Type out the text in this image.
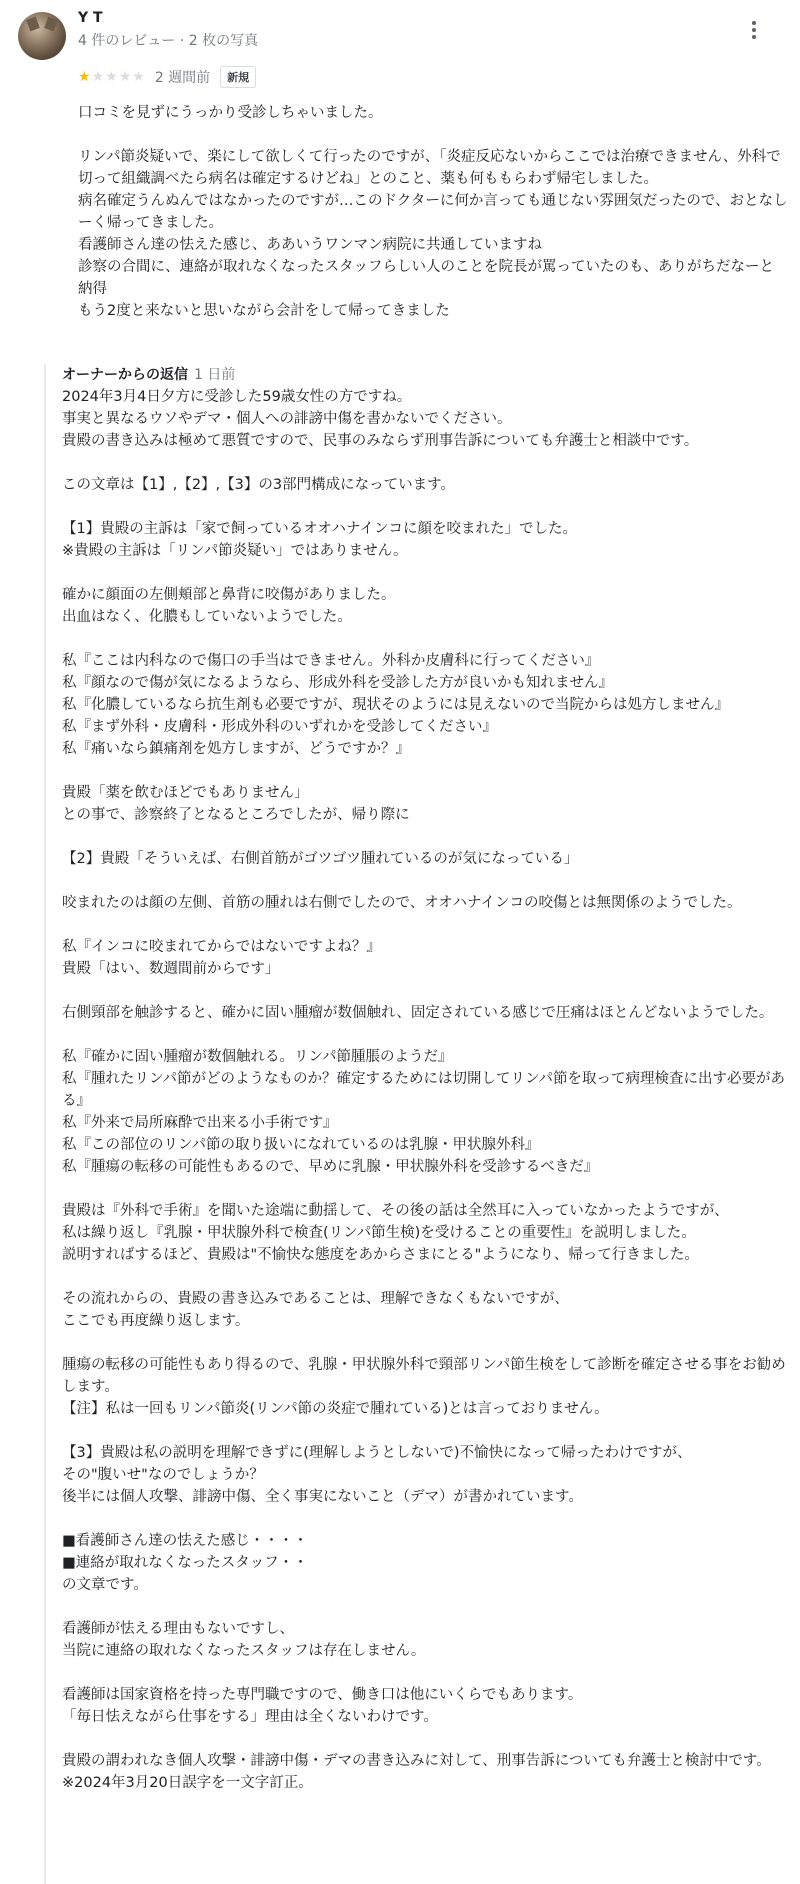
Y T
4 件のレビュー · 2 枚の写真
★ ★ ★ ★ ★ 2 週間前	新規
口コミを見ずにうっかり受診しちゃいました。

リンパ節炎疑いで、楽にして欲しくて行ったのですが、「炎症反応ないからここでは治療できません、外科で切って組織調べたら病名は確定するけどね」とのこと、薬も何ももらわず帰宅しました。
病名確定うんぬんではなかったのですが…このドクターに何か言っても通じない雰囲気だったので、おとなしーく帰ってきました。
看護師さん達の怯えた感じ、ああいうワンマン病院に共通していますね
診察の合間に、連絡が取れなくなったスタッフらしい人のことを院長が罵っていたのも、ありがちだなーと納得
もう2度と来ないと思いながら会計をして帰ってきました
オーナーからの返信 1 日前
2024年3月4日夕方に受診した59歳女性の方ですね。
事実と異なるウソやデマ・個人への誹謗中傷を書かないでください。
貴殿の書き込みは極めて悪質ですので、民事のみならず刑事告訴についても弁護士と相談中です。

この文章は【1】,【2】,【3】の3部門構成になっています。

【1】貴殿の主訴は「家で飼っているオオハナインコに顔を咬まれた」でした。
※貴殿の主訴は「リンパ節炎疑い」ではありません。

確かに顔面の左側頬部と鼻背に咬傷がありました。
出血はなく、化膿もしていないようでした。

私『ここは内科なので傷口の手当はできません。外科か皮膚科に行ってください』
私『顔なので傷が気になるようなら、形成外科を受診した方が良いかも知れません』
私『化膿しているなら抗生剤も必要ですが、現状そのようには見えないので当院からは処方しません』
私『まず外科・皮膚科・形成外科のいずれかを受診してください』
私『痛いなら鎮痛剤を処方しますが、どうですか？』

貴殿「薬を飲むほどでもありません」
との事で、診察終了となるところでしたが、帰り際に

【2】貴殿「そういえば、右側首筋がゴツゴツ腫れているのが気になっている」

咬まれたのは顔の左側、首筋の腫れは右側でしたので、オオハナインコの咬傷とは無関係のようでした。

私『インコに咬まれてからではないですよね？』
貴殿「はい、数週間前からです」

右側頸部を触診すると、確かに固い腫瘤が数個触れ、固定されている感じで圧痛はほとんどないようでした。

私『確かに固い腫瘤が数個触れる。リンパ節腫脹のようだ』
私『腫れたリンパ節がどのようなものか？確定するためには切開してリンパ節を取って病理検査に出す必要がある』
私『外来で局所麻酔で出来る小手術です』
私『この部位のリンパ節の取り扱いになれているのは乳腺・甲状腺外科』
私『腫瘍の転移の可能性もあるので、早めに乳腺・甲状腺外科を受診するべきだ』

貴殿は『外科で手術』を聞いた途端に動揺して、その後の話は全然耳に入っていなかったようですが、
私は繰り返し『乳腺・甲状腺外科で検査(リンパ節生検)を受けることの重要性』を説明しました。
説明すればするほど、貴殿は"不愉快な態度をあからさまにとる"ようになり、帰って行きました。

その流れからの、貴殿の書き込みであることは、理解できなくもないですが、
ここでも再度繰り返します。

腫瘍の転移の可能性もあり得るので、乳腺・甲状腺外科で頸部リンパ節生検をして診断を確定させる事をお勧めします。
【注】私は一回もリンパ節炎(リンパ節の炎症で腫れている)とは言っておりません。

【3】貴殿は私の説明を理解できずに(理解しようとしないで)不愉快になって帰ったわけですが、
その"腹いせ"なのでしょうか？
後半には個人攻撃、誹謗中傷、全く事実にないこと（デマ）が書かれています。

■看護師さん達の怯えた感じ・・・・
■連絡が取れなくなったスタッフ・・
の文章です。

看護師が怯える理由もないですし、
当院に連絡の取れなくなったスタッフは存在しません。

看護師は国家資格を持った専門職ですので、働き口は他にいくらでもあります。
「毎日怯えながら仕事をする」理由は全くないわけです。

貴殿の謂われなき個人攻撃・誹謗中傷・デマの書き込みに対して、刑事告訴についても弁護士と検討中です。
※2024年3月20日誤字を一文字訂正。
